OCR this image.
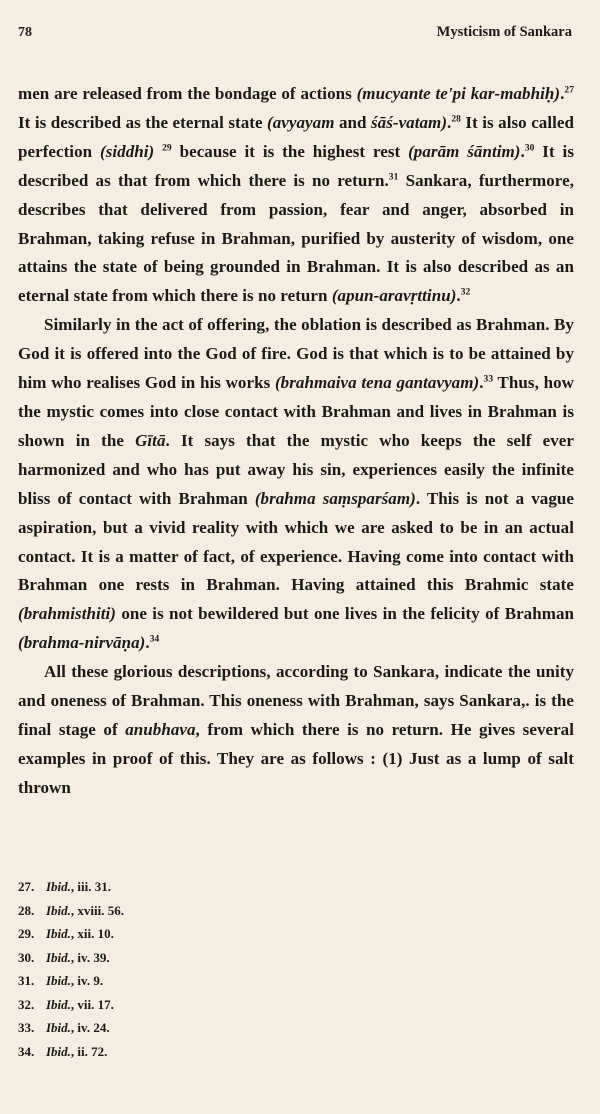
78	Mysticism of Sankara

men are released from the bondage of actions (mucyante te'pi kar-mabhiḥ).$^{27}$ It is described as the eternal state (avyayam and śāś-vatam).$^{28}$ It is also called perfection (siddhi) $^{29}$ because it is the highest rest (parām śāntim).$^{30}$ It is described as that from which there is no return.$^{31}$ Sankara, furthermore, describes that delivered from passion, fear and anger, absorbed in Brahman, taking refuse in Brahman, purified by austerity of wisdom, one attains the state of being grounded in Brahman. It is also described as an eternal state from which there is no return (apun-aravṛttinu).$^{32}$

Similarly in the act of offering, the oblation is described as Brahman. By God it is offered into the God of fire. God is that which is to be attained by him who realises God in his works (brahmaiva tena gantavyam).$^{33}$ Thus, how the mystic comes into close contact with Brahman and lives in Brahman is shown in the Gītā. It says that the mystic who keeps the self ever harmonized and who has put away his sin, experiences easily the infinite bliss of contact with Brahman (brahma saṃsparśam). This is not a vague aspiration, but a vivid reality with which we are asked to be in an actual contact. It is a matter of fact, of experience. Having come into contact with Brahman one rests in Brahman. Having attained this Brahmic state (brahmisthiti) one is not bewildered but one lives in the felicity of Brahman (brahma-nirvāṇa).$^{34}$

All these glorious descriptions, according to Sankara, indicate the unity and oneness of Brahman. This oneness with Brahman, says Sankara,. is the final stage of anubhava, from which there is no return. He gives several examples in proof of this. They are as follows : (1) Just as a lump of salt thrown

27. Ibid., iii. 31.
28. Ibid., xviii. 56.
29. Ibid., xii. 10.
30. Ibid., iv. 39.
31. Ibid., iv. 9.
32. Ibid., vii. 17.
33. Ibid., iv. 24.
34. Ibid., ii. 72.
